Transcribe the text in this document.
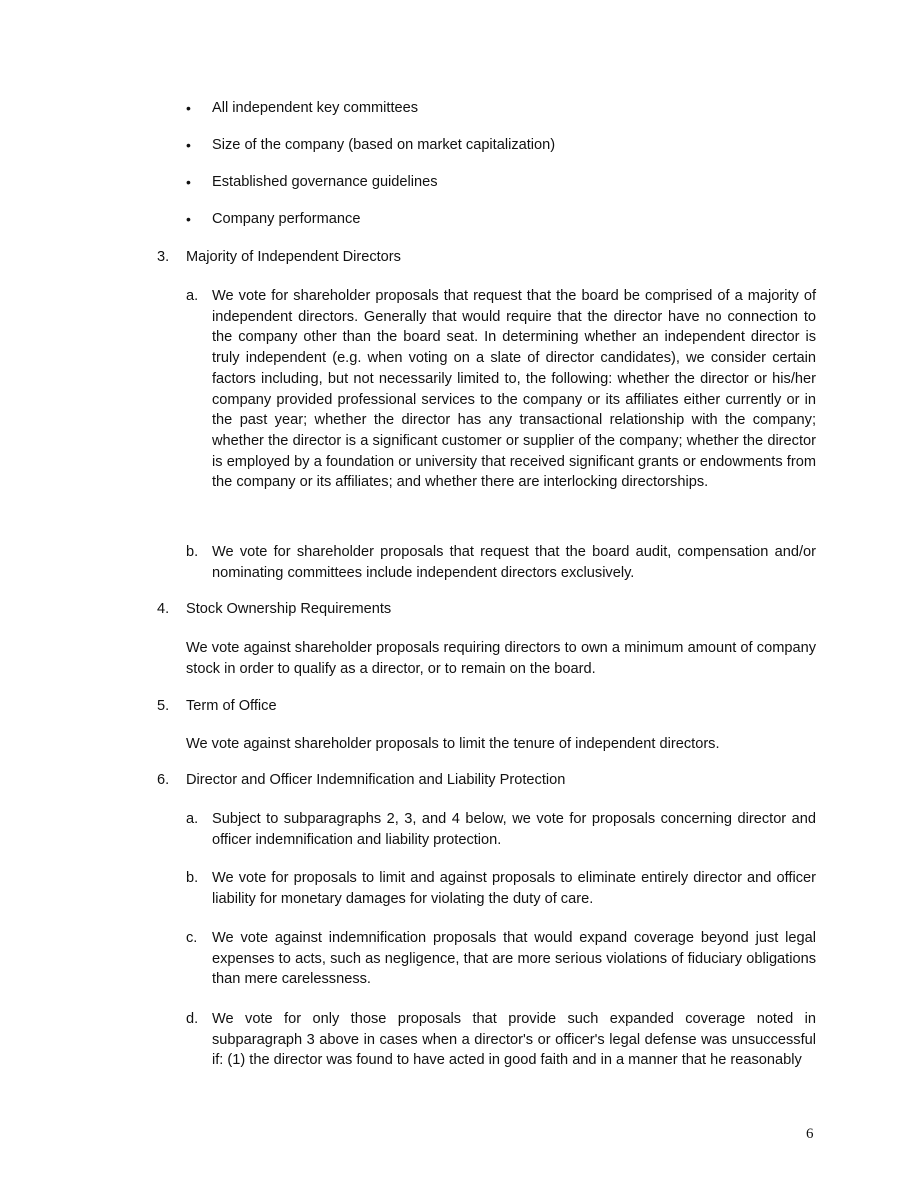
• All independent key committees
• Size of the company (based on market capitalization)
• Established governance guidelines
• Company performance
3. Majority of Independent Directors
a. We vote for shareholder proposals that request that the board be comprised of a majority of independent directors. Generally that would require that the director have no connection to the company other than the board seat. In determining whether an independent director is truly independent (e.g. when voting on a slate of director candidates), we consider certain factors including, but not necessarily limited to, the following: whether the director or his/her company provided professional services to the company or its affiliates either currently or in the past year; whether the director has any transactional relationship with the company; whether the director is a significant customer or supplier of the company; whether the director is employed by a foundation or university that received significant grants or endowments from the company or its affiliates; and whether there are interlocking directorships.

b. We vote for shareholder proposals that request that the board audit, compensation and/or nominating committees include independent directors exclusively.

4. Stock Ownership Requirements

We vote against shareholder proposals requiring directors to own a minimum amount of company stock in order to qualify as a director, or to remain on the board.

5. Term of Office

We vote against shareholder proposals to limit the tenure of independent directors.

6. Director and Officer Indemnification and Liability Protection
a. Subject to subparagraphs 2, 3, and 4 below, we vote for proposals concerning director and officer indemnification and liability protection.

b. We vote for proposals to limit and against proposals to eliminate entirely director and officer liability for monetary damages for violating the duty of care.

c. We vote against indemnification proposals that would expand coverage beyond just legal expenses to acts, such as negligence, that are more serious violations of fiduciary obligations than mere carelessness.

d. We vote for only those proposals that provide such expanded coverage noted in subparagraph 3 above in cases when a director's or officer's legal defense was unsuccessful if: (1) the director was found to have acted in good faith and in a manner that he reasonably

6
